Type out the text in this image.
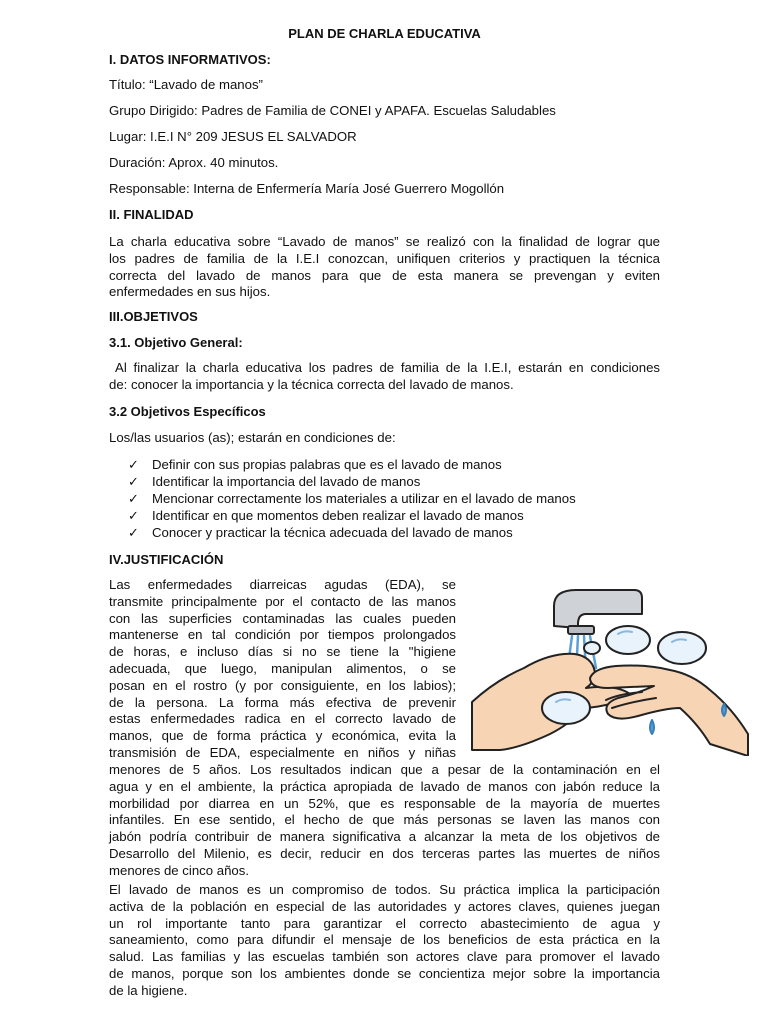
PLAN DE CHARLA EDUCATIVA
I. DATOS INFORMATIVOS:
Título: “Lavado de manos”
Grupo Dirigido: Padres de Familia de CONEI y APAFA. Escuelas Saludables
Lugar: I.E.I N° 209 JESUS EL SALVADOR
Duración: Aprox. 40 minutos.
Responsable: Interna de Enfermería María José Guerrero Mogollón
II. FINALIDAD
La charla educativa sobre “Lavado de manos” se realizó con la finalidad de lograr que
los padres de familia de la I.E.I conozcan, unifiquen criterios y practiquen la técnica
correcta del lavado de manos para que de esta manera se prevengan y eviten
enfermedades en sus hijos.
III.OBJETIVOS
3.1. Objetivo General:
Al finalizar la charla educativa los padres de familia de la I.E.I, estarán en condiciones
de: conocer la importancia y la técnica correcta del lavado de manos.
3.2 Objetivos Específicos
Los/las usuarios (as); estarán en condiciones de:
✓ Definir con sus propias palabras que es el lavado de manos
✓ Identificar la importancia del lavado de manos
✓ Mencionar correctamente los materiales a utilizar en el lavado de manos
✓ Identificar en que momentos deben realizar el lavado de manos
✓ Conocer y practicar la técnica adecuada del lavado de manos
IV.JUSTIFICACIÓN
Las enfermedades diarreicas agudas (EDA), se
transmite principalmente por el contacto de las manos
con las superficies contaminadas las cuales pueden
mantenerse en tal condición por tiempos prolongados
de horas, e incluso días si no se tiene la "higiene
adecuada, que luego, manipulan alimentos, o se
posan en el rostro (y por consiguiente, en los labios);
de la persona. La forma más efectiva de prevenir
estas enfermedades radica en el correcto lavado de
manos, que de forma práctica y económica, evita la
transmisión de EDA, especialmente en niños y niñas
menores de 5 años. Los resultados indican que a pesar de la contaminación en el
agua y en el ambiente, la práctica apropiada de lavado de manos con jabón reduce la
morbilidad por diarrea en un 52%, que es responsable de la mayoría de muertes
infantiles. En ese sentido, el hecho de que más personas se laven las manos con
jabón podría contribuir de manera significativa a alcanzar la meta de los objetivos de
Desarrollo del Milenio, es decir, reducir en dos terceras partes las muertes de niños
menores de cinco años.
El lavado de manos es un compromiso de todos. Su práctica implica la participación
activa de la población en especial de las autoridades y actores claves, quienes juegan
un rol importante tanto para garantizar el correcto abastecimiento de agua y
saneamiento, como para difundir el mensaje de los beneficios de esta práctica en la
salud. Las familias y las escuelas también son actores clave para promover el lavado
de manos, porque son los ambientes donde se concientiza mejor sobre la importancia
de la higiene.
